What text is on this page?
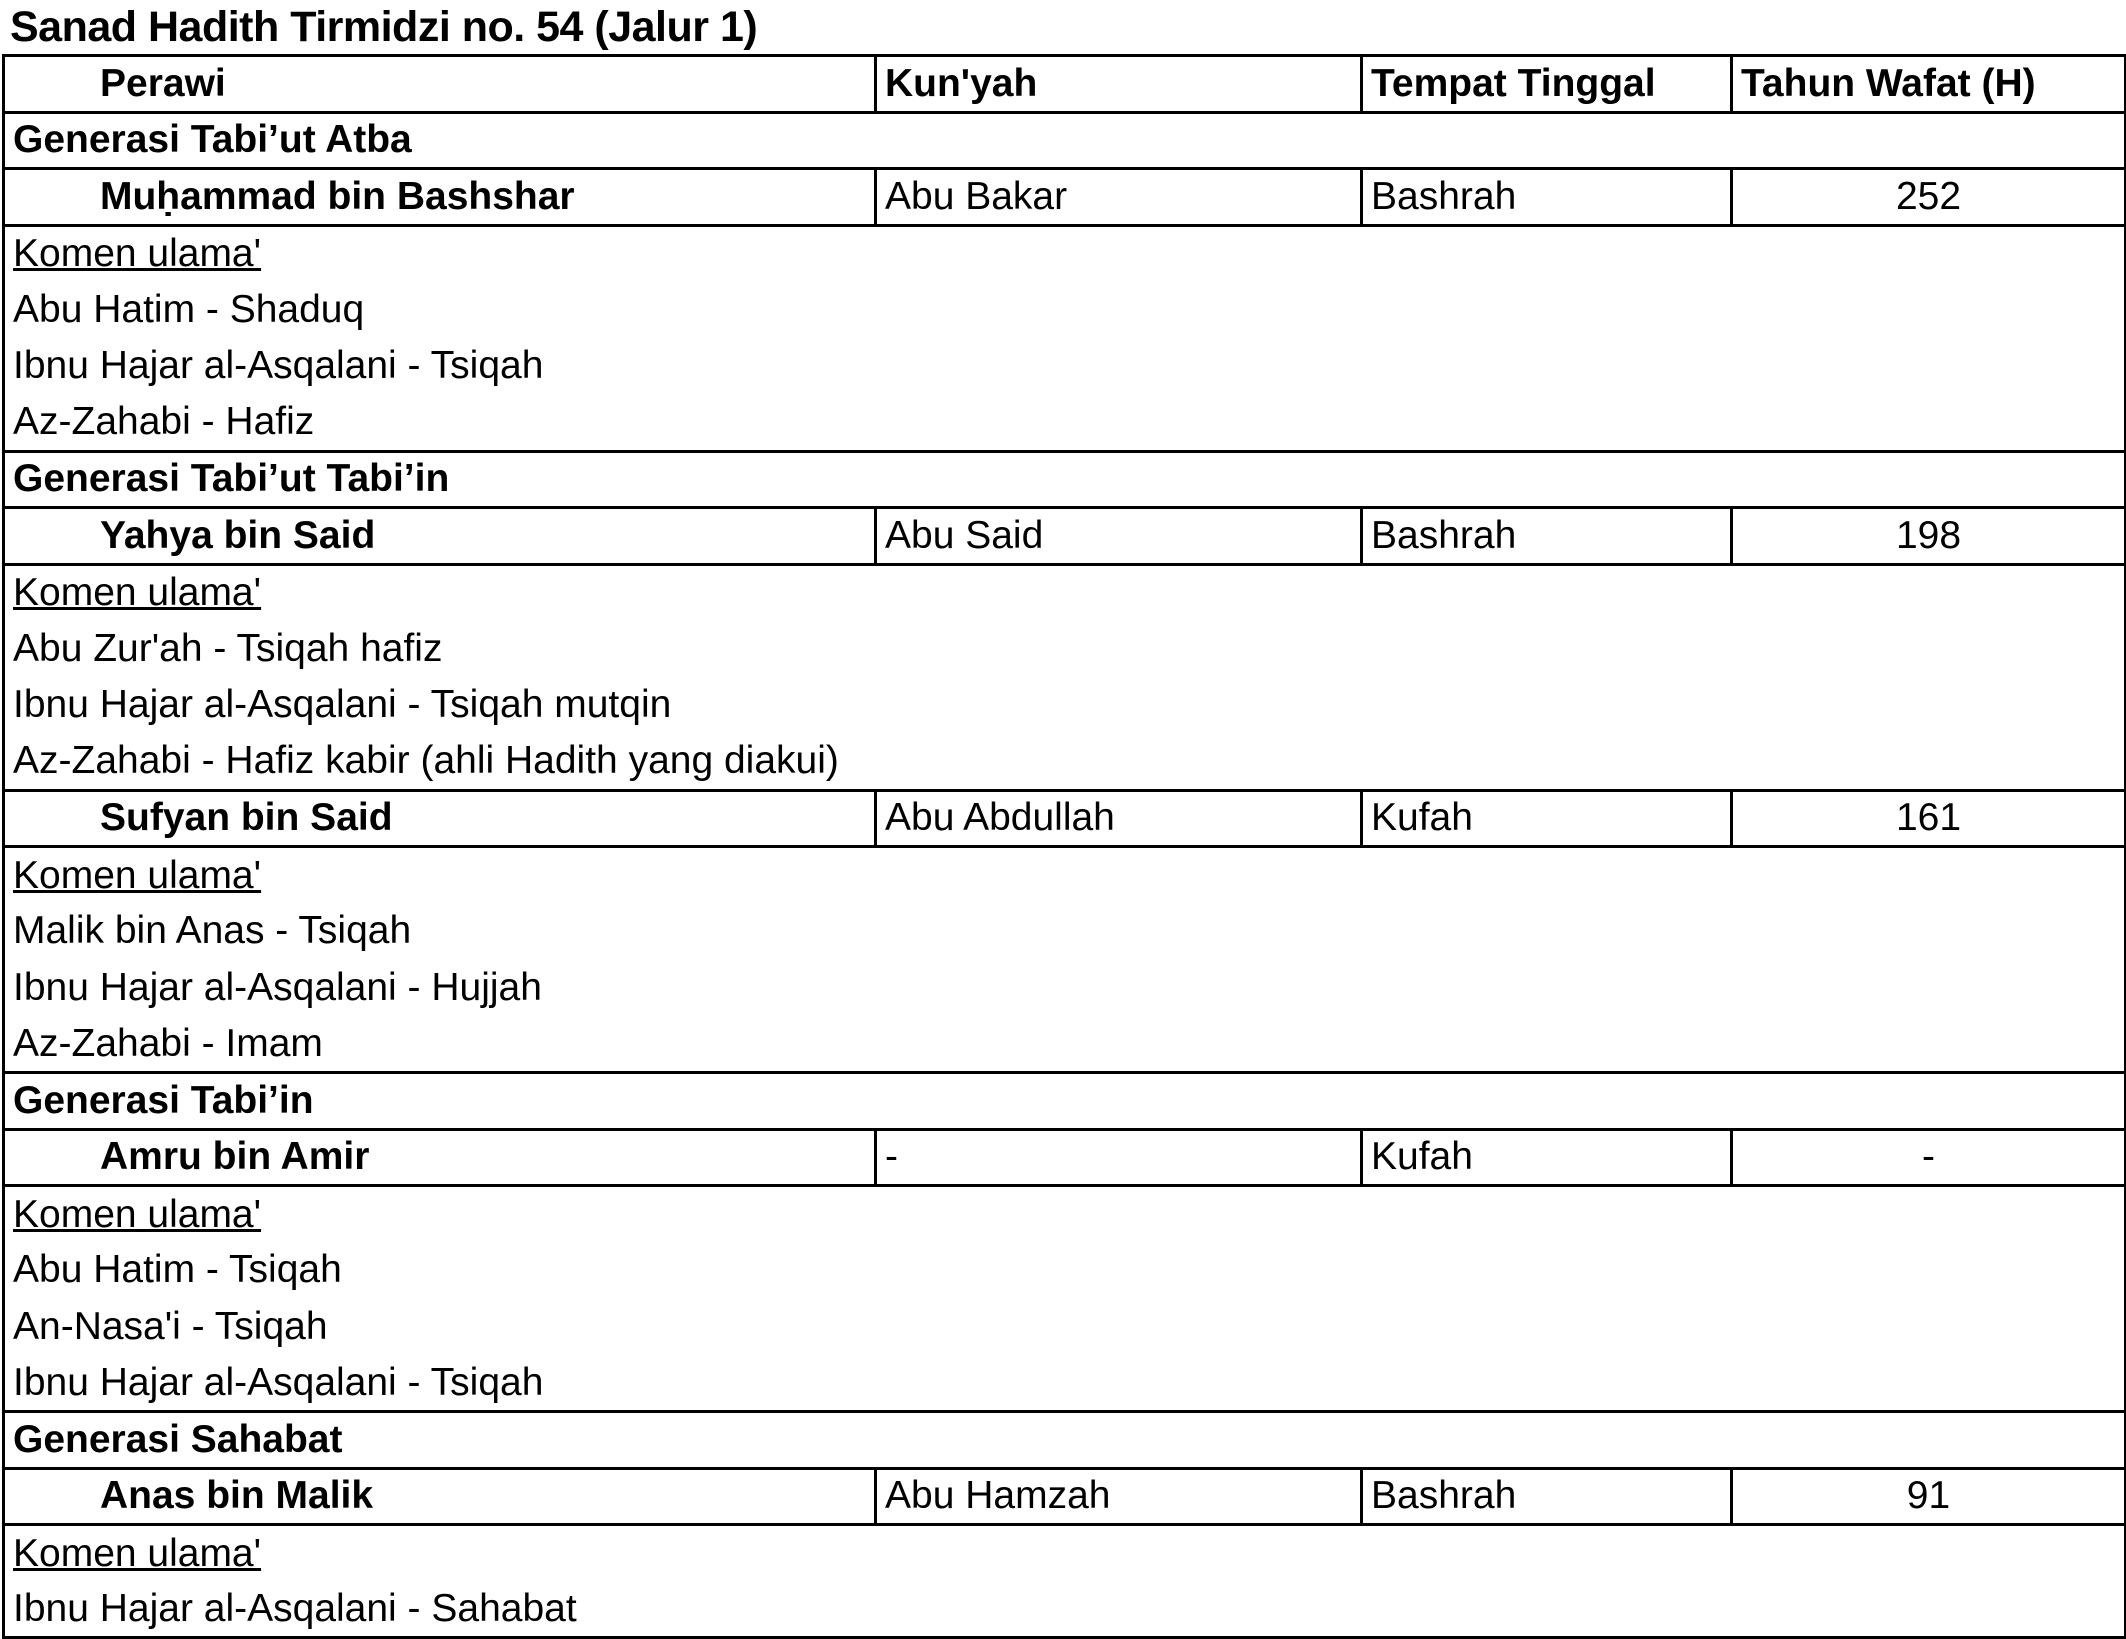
Sanad Hadith Tirmidzi no. 54 (Jalur 1)
Perawi	Kun'yah	Tempat Tinggal	Tahun Wafat (H)
Generasi Tabi’ut Atba			
Muḥammad bin Bashshar	Abu Bakar	Bashrah	252
Komen ulama'			
Abu Hatim - Shaduq			
Ibnu Hajar al-Asqalani - Tsiqah			
Az-Zahabi - Hafiz			
Generasi Tabi’ut Tabi’in			
Yahya bin Said	Abu Said	Bashrah	198
Komen ulama'			
Abu Zur'ah - Tsiqah hafiz			
Ibnu Hajar al-Asqalani - Tsiqah mutqin			
Az-Zahabi - Hafiz kabir (ahli Hadith yang diakui)			
Sufyan bin Said	Abu Abdullah	Kufah	161
Komen ulama'			
Malik bin Anas - Tsiqah			
Ibnu Hajar al-Asqalani - Hujjah			
Az-Zahabi - Imam			
Generasi Tabi’in			
Amru bin Amir	-	Kufah	-
Komen ulama'			
Abu Hatim - Tsiqah			
An-Nasa'i - Tsiqah			
Ibnu Hajar al-Asqalani - Tsiqah			
Generasi Sahabat			
Anas bin Malik	Abu Hamzah	Bashrah	91
Komen ulama'			
Ibnu Hajar al-Asqalani - Sahabat			
